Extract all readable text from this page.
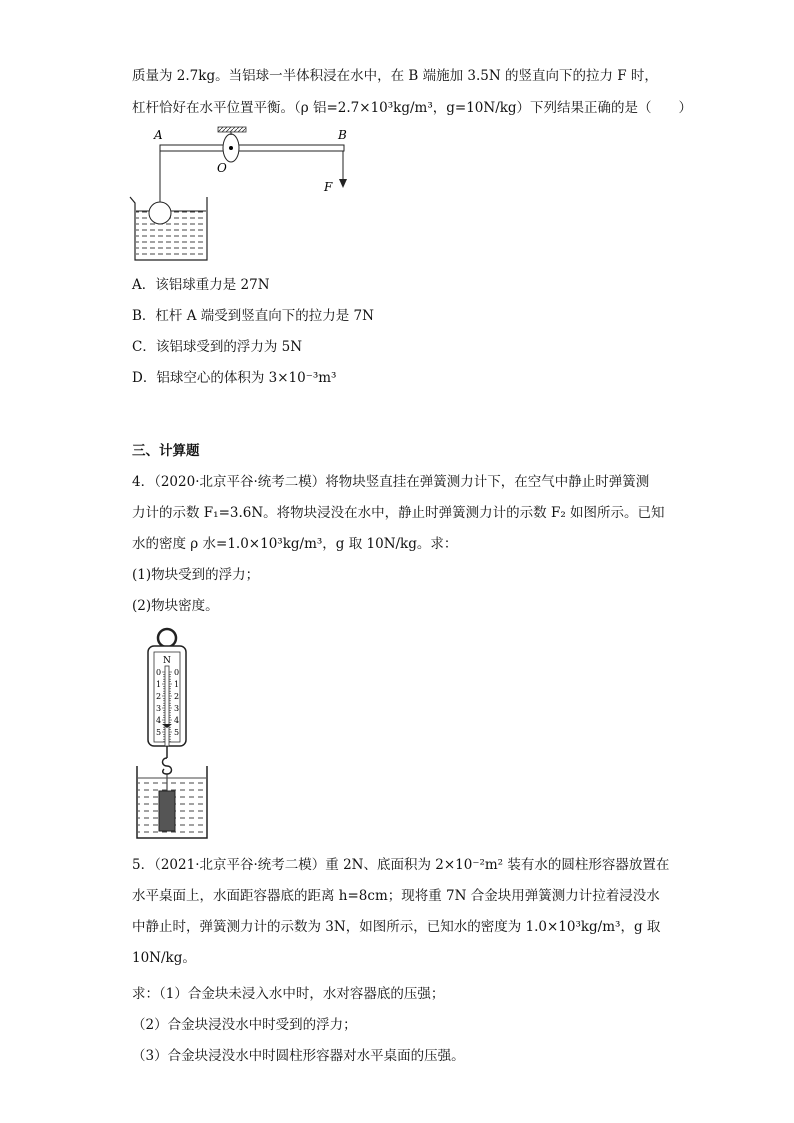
质量为 2.7kg。当铝球一半体积浸在水中，在 B 端施加 3.5N 的竖直向下的拉力 F 时，
杠杆恰好在水平位置平衡。（ρ 铝=2.7×10³kg/m³，g=10N/kg）下列结果正确的是（　　）
A
O
B
F
A．该铝球重力是 27N
B．杠杆 A 端受到竖直向下的拉力是 7N
C．该铝球受到的浮力为 5N
D．铝球空心的体积为 3×10⁻³m³
三、计算题
4．（2020·北京平谷·统考二模）将物块竖直挂在弹簧测力计下，在空气中静止时弹簧测
力计的示数 F₁=3.6N。将物块浸没在水中，静止时弹簧测力计的示数 F₂ 如图所示。已知
水的密度 ρ 水=1.0×10³kg/m³，g 取 10N/kg。求：
(1)物块受到的浮力；
(2)物块密度。
N
0 0
1 1
2 2
3 3
4 4
5 5
5．（2021·北京平谷·统考二模）重 2N、底面积为 2×10⁻²m² 装有水的圆柱形容器放置在
水平桌面上，水面距容器底的距离 h=8cm；现将重 7N 合金块用弹簧测力计拉着浸没水
中静止时，弹簧测力计的示数为 3N，如图所示，已知水的密度为 1.0×10³kg/m³，g 取
10N/kg。
求：（1）合金块未浸入水中时，水对容器底的压强；
（2）合金块浸没水中时受到的浮力；
（3）合金块浸没水中时圆柱形容器对水平桌面的压强。
